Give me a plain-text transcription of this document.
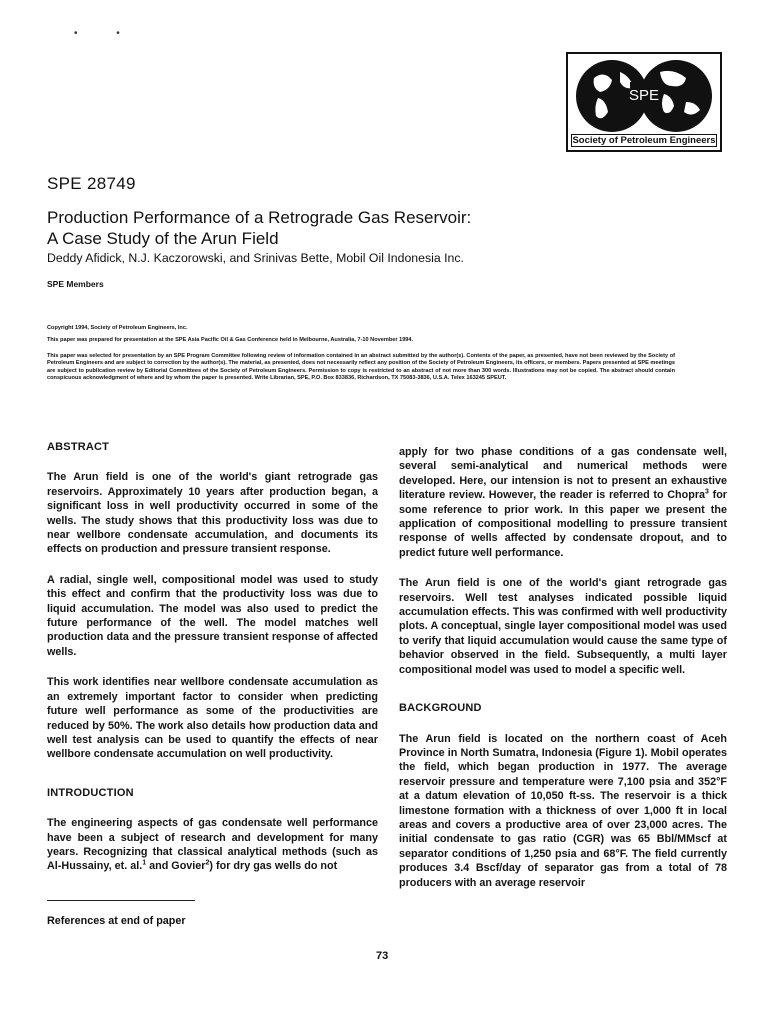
• •
SPE
Society of Petroleum Engineers
SPE 28749
Production Performance of a Retrograde Gas Reservoir:
A Case Study of the Arun Field
Deddy Afidick, N.J. Kaczorowski, and Srinivas Bette, Mobil Oil Indonesia Inc.
SPE Members
Copyright 1994, Society of Petroleum Engineers, Inc.
This paper was prepared for presentation at the SPE Asia Pacific Oil & Gas Conference held in Melbourne, Australia, 7-10 November 1994.
This paper was selected for presentation by an SPE Program Committee following review of information contained in an abstract submitted by the author(s). Contents of the paper, as presented, have not been reviewed by the Society of Petroleum Engineers and are subject to correction by the author(s). The material, as presented, does not necessarily reflect any position of the Society of Petroleum Engineers, its officers, or members. Papers presented at SPE meetings are subject to publication review by Editorial Committees of the Society of Petroleum Engineers. Permission to copy is restricted to an abstract of not more than 300 words. Illustrations may not be copied. The abstract should contain conspicuous acknowledgment of where and by whom the paper is presented. Write Librarian, SPE, P.O. Box 833836, Richardson, TX 75083-3836, U.S.A. Telex 163245 SPEUT.
ABSTRACT

The Arun field is one of the world's giant retrograde gas reservoirs. Approximately 10 years after production began, a significant loss in well productivity occurred in some of the wells. The study shows that this productivity loss was due to near wellbore condensate accumulation, and documents its effects on production and pressure transient response.

A radial, single well, compositional model was used to study this effect and confirm that the productivity loss was due to liquid accumulation. The model was also used to predict the future performance of the well. The model matches well production data and the pressure transient response of affected wells.

This work identifies near wellbore condensate accumulation as an extremely important factor to consider when predicting future well performance as some of the productivities are reduced by 50%. The work also details how production data and well test analysis can be used to quantify the effects of near wellbore condensate accumulation on well productivity.

INTRODUCTION

The engineering aspects of gas condensate well performance have been a subject of research and development for many years. Recognizing that classical analytical methods (such as Al-Hussainy, et. al.$^1$ and Govier$^2$) for dry gas wells do not

apply for two phase conditions of a gas condensate well, several semi-analytical and numerical methods were developed. Here, our intension is not to present an exhaustive literature review. However, the reader is referred to Chopra$^3$ for some reference to prior work. In this paper we present the application of compositional modelling to pressure transient response of wells affected by condensate dropout, and to predict future well performance.

The Arun field is one of the world's giant retrograde gas reservoirs. Well test analyses indicated possible liquid accumulation effects. This was confirmed with well productivity plots. A conceptual, single layer compositional model was used to verify that liquid accumulation would cause the same type of behavior observed in the field. Subsequently, a multi layer compositional model was used to model a specific well.

BACKGROUND

The Arun field is located on the northern coast of Aceh Province in North Sumatra, Indonesia (Figure 1). Mobil operates the field, which began production in 1977. The average reservoir pressure and temperature were 7,100 psia and 352°F at a datum elevation of 10,050 ft-ss. The reservoir is a thick limestone formation with a thickness of over 1,000 ft in local areas and covers a productive area of over 23,000 acres. The initial condensate to gas ratio (CGR) was 65 Bbl/MMscf at separator conditions of 1,250 psia and 68°F. The field currently produces 3.4 Bscf/day of separator gas from a total of 78 producers with an average reservoir

References at end of paper
73
